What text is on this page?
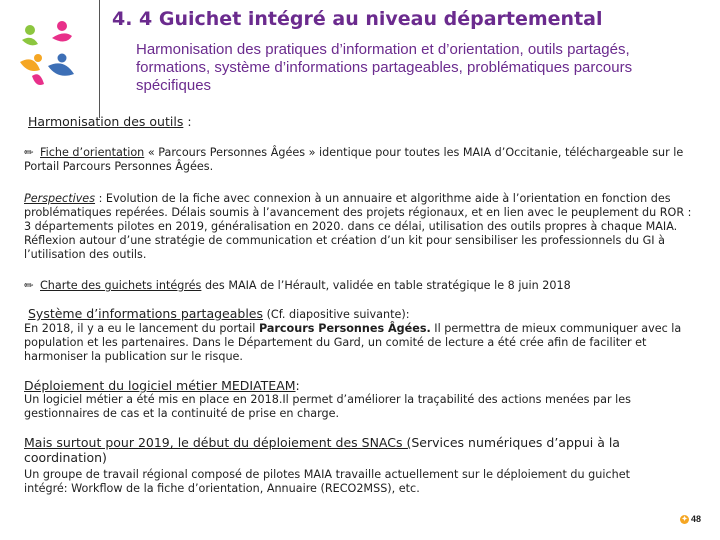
4. 4 Guichet intégré au niveau départemental

Harmonisation des pratiques d’information et d’orientation, outils partagés, formations, système d’informations partageables, problématiques parcours spécifiques

Harmonisation des outils :

✏ Fiche d’orientation « Parcours Personnes Âgées » identique pour toutes les MAIA d’Occitanie, téléchargeable sur le Portail Parcours Personnes Âgées.

Perspectives : Evolution de la fiche avec connexion à un annuaire et algorithme aide à l’orientation en fonction des problématiques repérées. Délais soumis à l’avancement des projets régionaux, et en lien avec le peuplement du ROR : 3 départements pilotes en 2019, généralisation en 2020. dans ce délai, utilisation des outils propres à chaque MAIA.

Réflexion autour d’une stratégie de communication et création d’un kit pour sensibiliser les professionnels du GI à l’utilisation des outils.

✏ Charte des guichets intégrés des MAIA de l’Hérault, validée en table stratégique le 8 juin 2018

Système d’informations partageables (Cf. diapositive suivante):

En 2018, il y a eu le lancement du portail Parcours Personnes Âgées. Il permettra de mieux communiquer avec la population et les partenaires. Dans le Département du Gard, un comité de lecture a été crée afin de faciliter et harmoniser la publication sur le risque.

Déploiement du logiciel métier MEDIATEAM:

Un logiciel métier a été mis en place en 2018.Il permet d’améliorer la traçabilité des actions menées par les gestionnaires de cas et la continuité de prise en charge.

Mais surtout pour 2019, le début du déploiement des SNACs (Services numériques d’appui à la coordination)

Un groupe de travail régional composé de pilotes MAIA travaille actuellement sur le déploiement du guichet intégré: Workflow de la fiche d’orientation, Annuaire (RECO2MSS), etc.

✦ 48
